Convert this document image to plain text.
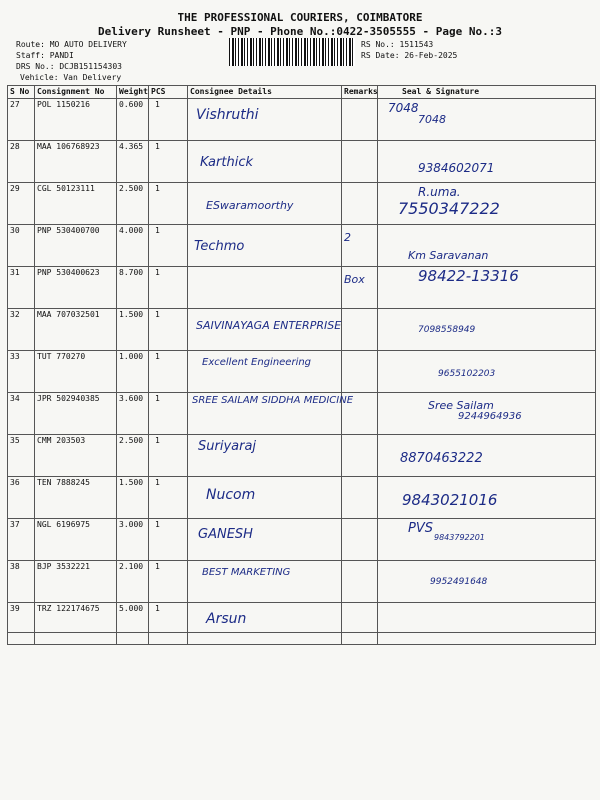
THE PROFESSIONAL COURIERS, COIMBATORE
Delivery Runsheet - PNP - Phone No.:0422-3505555 - Page No.:3
Route: MO AUTO DELIVERY
Staff: PANDI
DRS No.: DCJB151154303
Vehicle: Van Delivery
RS No.: 1511543
RS Date: 26-Feb-2025
S No	Consignment No	Weight	PCS	Consignee Details	Remarks	Seal & Signature
27	POL 1150216	0.600	1	Vishruthi		7048
7048

28	MAA 106768923	4.365	1	Karthick		9384602071

29	CGL 50123111	2.500	1	ESwaramoorthy		R.uma.
7550347222

30	PNP 530400700	4.000	1	Techmo	2	Km Saravanan

31	PNP 530400623	8.700	1		Box	98422-13316

32	MAA 707032501	1.500	1	SAIVINAYAGA ENTERPRISE		7098558949

33	TUT 770270	1.000	1	Excellent Engineering		9655102203

34	JPR 502940385	3.600	1	SREE SAILAM SIDDHA MEDICINE		Sree Sailam
9244964936

35	CMM 203503	2.500	1	Suriyaraj		8870463222

36	TEN 7888245	1.500	1	Nucom		9843021016

37	NGL 6196975	3.000	1	GANESH		PVS
9843792201

38	BJP 3532221	2.100	1	BEST MARKETING		9952491648

39	TRZ 122174675	5.000	1	Arsun		
